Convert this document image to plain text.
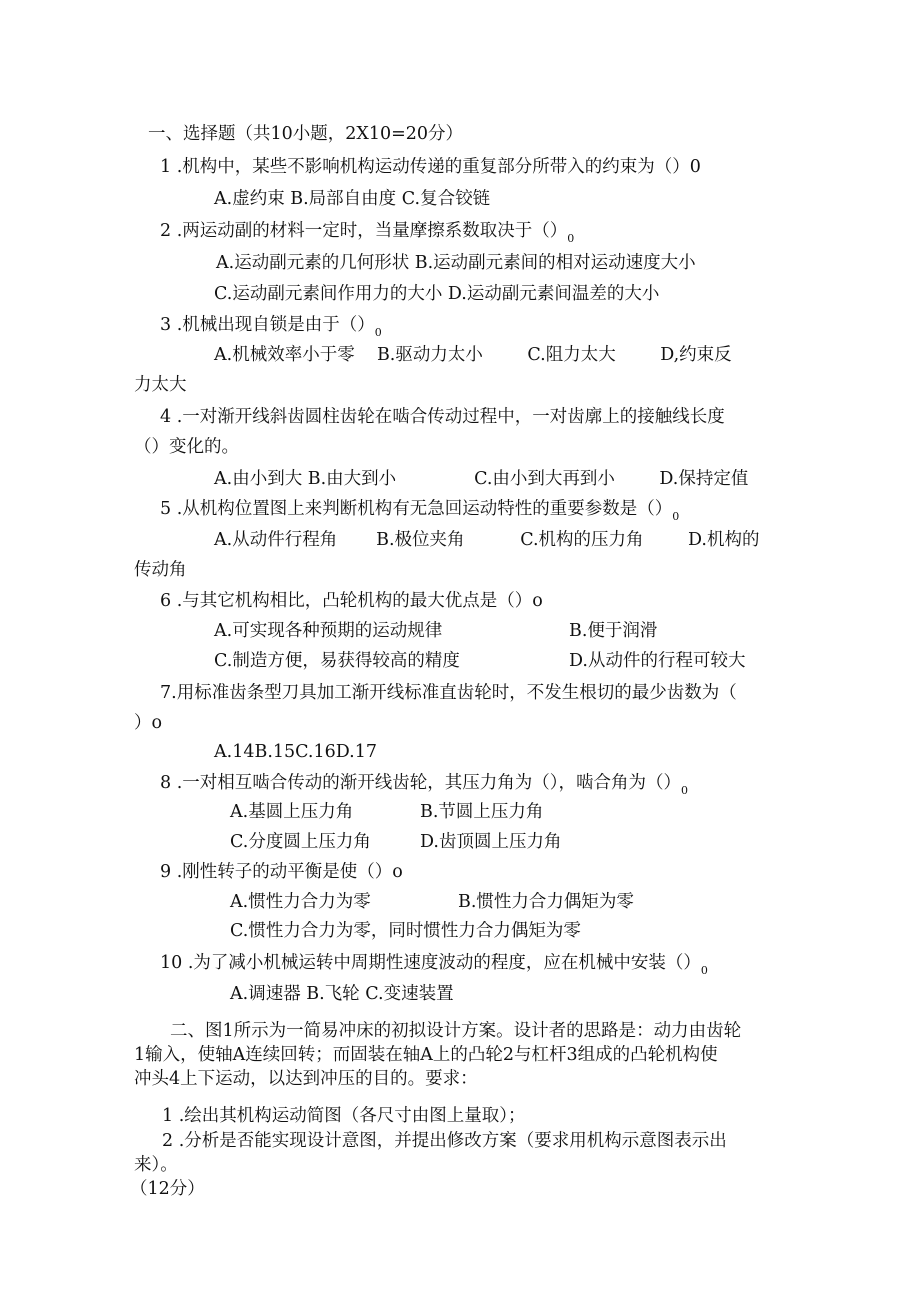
一、选择题（共10小题，2X10=20分）
1 .机构中，某些不影响机构运动传递的重复部分所带入的约束为（）0
A.虚约束 B.局部自由度 C.复合铰链
2 .两运动副的材料一定时，当量摩擦系数取决于$()_0$
A.运动副元素的几何形状 B.运动副元素间的相对运动速度大小
C.运动副元素间作用力的大小 D.运动副元素间温差的大小
3 .机械出现自锁是由于$()_0$
A.机械效率小于零    B.驱动力太小        C.阻力太大        D,约束反
力太大
4 .一对渐开线斜齿圆柱齿轮在啮合传动过程中，一对齿廓上的接触线长度
（）变化的。
A.由小到大 B.由大到小              C.由小到大再到小        D.保持定值
5 .从机构位置图上来判断机构有无急回运动特性的重要参数是$()_0$
A.从动件行程角       B.极位夹角          C.机构的压力角        D.机构的
传动角
6 .与其它机构相比，凸轮机构的最大优点是（）o
A.可实现各种预期的运动规律	B.便于润滑
C.制造方便，易获得较高的精度	D.从动件的行程可较大
7.用标准齿条型刀具加工渐开线标准直齿轮时，不发生根切的最少齿数为（
）o
A.14B.15C.16D.17
8 .一对相互啮合传动的渐开线齿轮，其压力角为（），啮合角为$()_0$
A.基圆上压力角	B.节圆上压力角
C.分度圆上压力角	D.齿顶圆上压力角
9 .刚性转子的动平衡是使（）o
A.惯性力合力为零	B.惯性力合力偶矩为零
C.惯性力合力为零，同时惯性力合力偶矩为零
10 .为了减小机械运转中周期性速度波动的程度，应在机械中安装$()_0$
A.调速器 B.飞轮 C.变速装置
二、图1所示为一简易冲床的初拟设计方案。设计者的思路是：动力由齿轮
1输入，使轴A连续回转；而固装在轴A上的凸轮2与杠杆3组成的凸轮机构使
冲头4上下运动，以达到冲压的目的。要求：
1 .绘出其机构运动简图（各尺寸由图上量取）；
2 .分析是否能实现设计意图，并提出修改方案（要求用机构示意图表示出
来）。
（12分）
